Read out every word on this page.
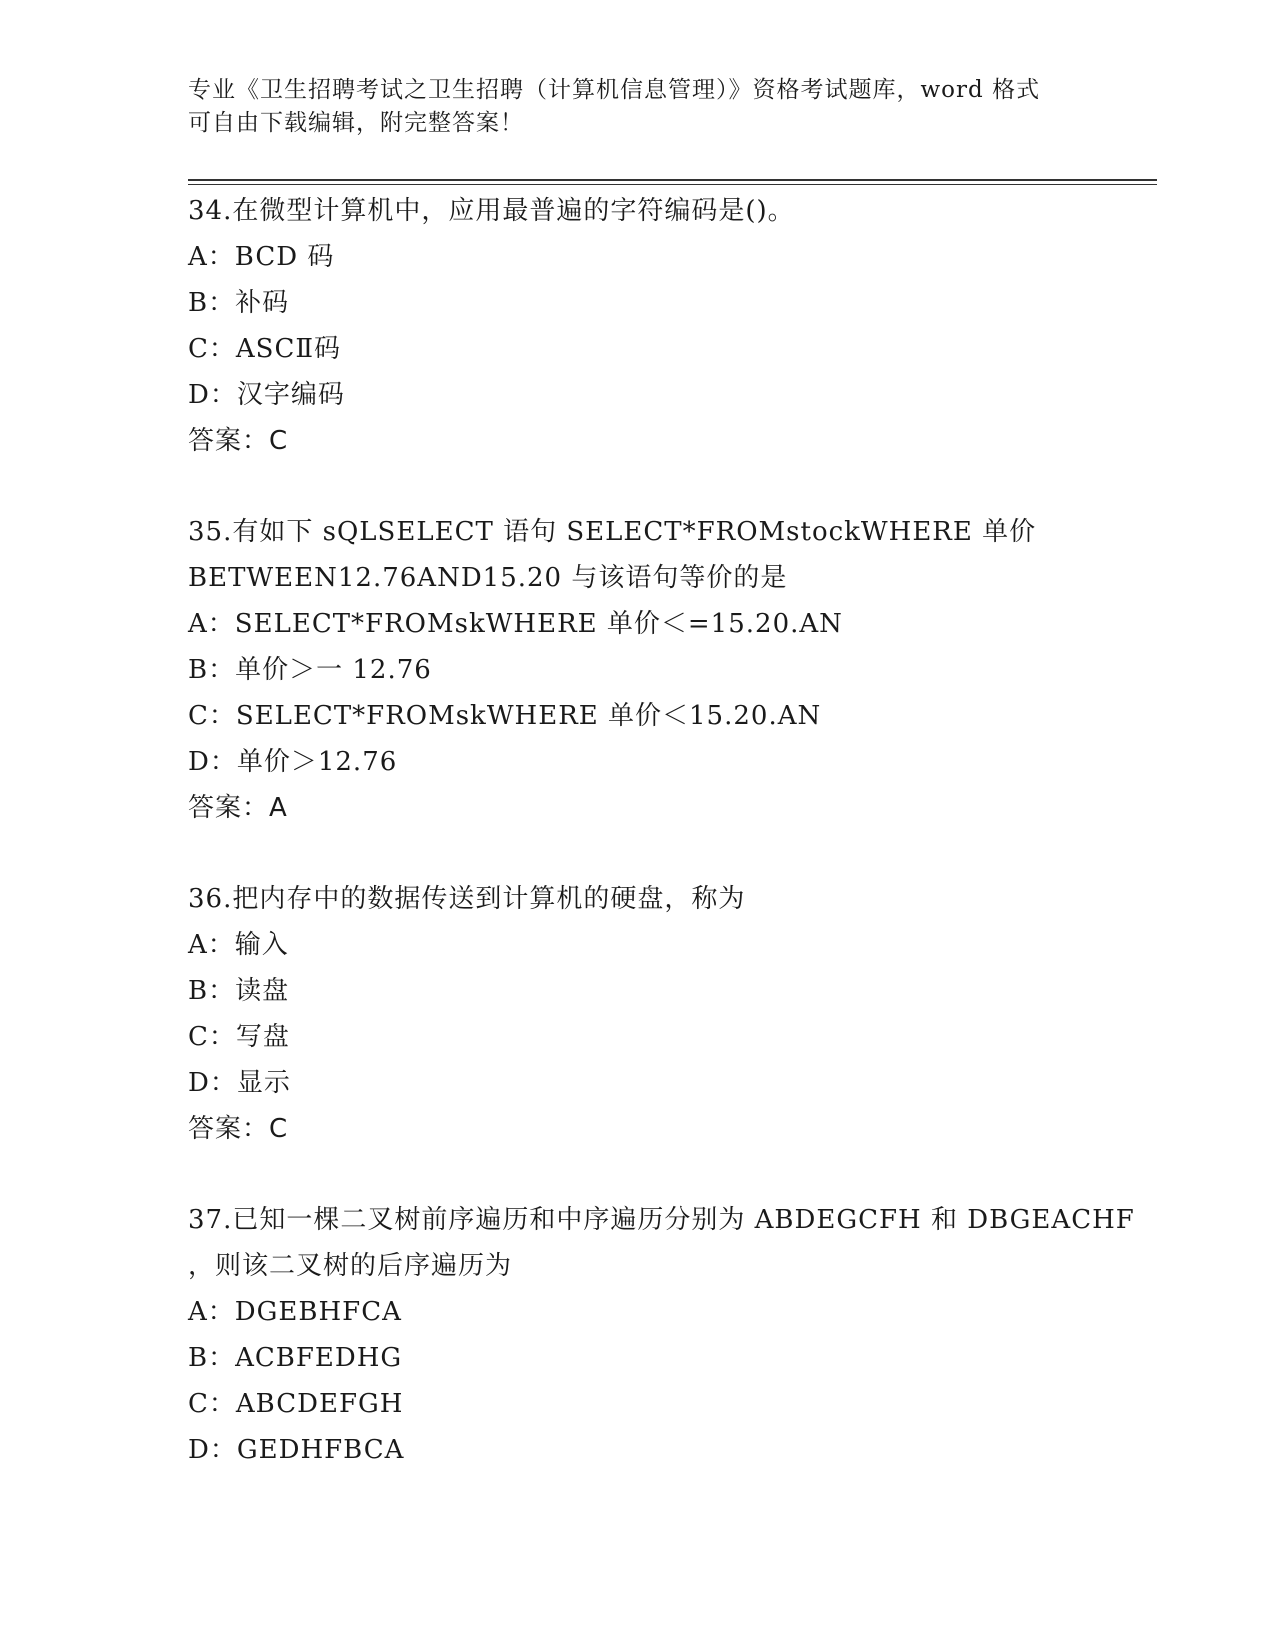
专业《卫生招聘考试之卫生招聘（计算机信息管理）》资格考试题库，word 格式
可自由下载编辑，附完整答案！
34.在微型计算机中，应用最普遍的字符编码是()。
A：BCD 码
B：补码
C：ASCⅡ码
D：汉字编码
答案：C
35.有如下 sQLSELECT 语句 SELECT*FROMstockWHERE 单价
BETWEEN12.76AND15.20 与该语句等价的是
A：SELECT*FROMskWHERE 单价＜=15.20.AN
B：单价＞一 12.76
C：SELECT*FROMskWHERE 单价＜15.20.AN
D：单价＞12.76
答案：A
36.把内存中的数据传送到计算机的硬盘，称为
A：输入
B：读盘
C：写盘
D：显示
答案：C
37.已知一棵二叉树前序遍历和中序遍历分别为 ABDEGCFH 和 DBGEACHF
，则该二叉树的后序遍历为
A：DGEBHFCA
B：ACBFEDHG
C：ABCDEFGH
D：GEDHFBCA
